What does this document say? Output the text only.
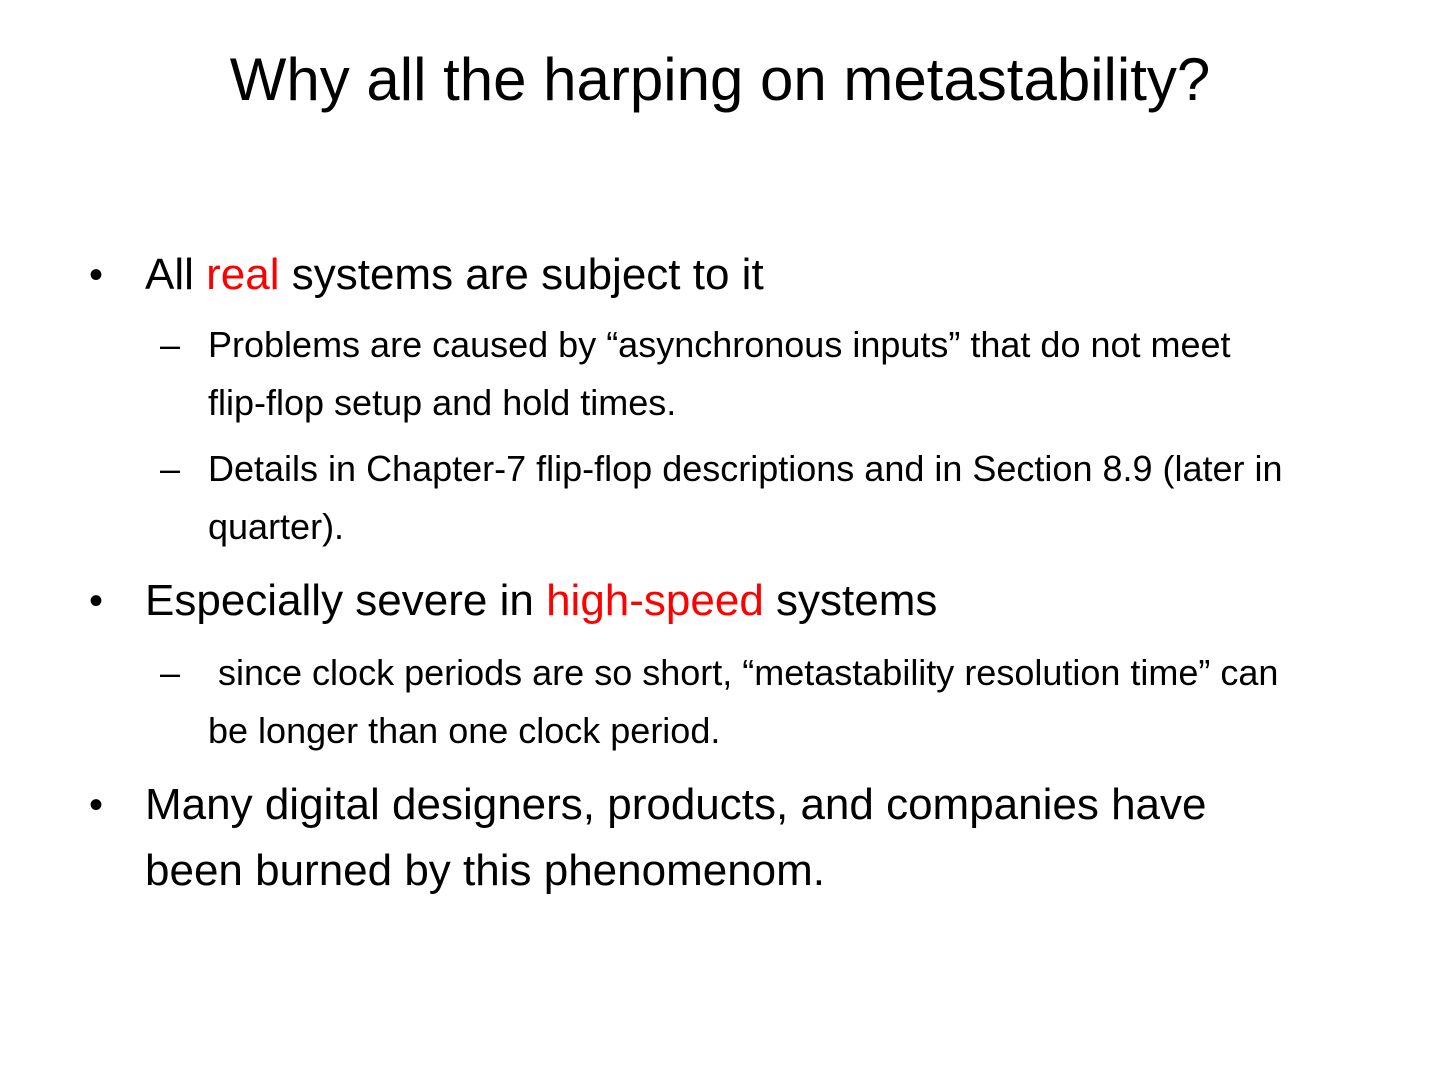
Why all the harping on metastability?
• All real systems are subject to it
– Problems are caused by “asynchronous inputs” that do not meet flip-flop setup and hold times.
– Details in Chapter-7 flip-flop descriptions and in Section 8.9 (later in quarter).
• Especially severe in high-speed systems
– since clock periods are so short, “metastability resolution time” can be longer than one clock period.
• Many digital designers, products, and companies have been burned by this phenomenom.
